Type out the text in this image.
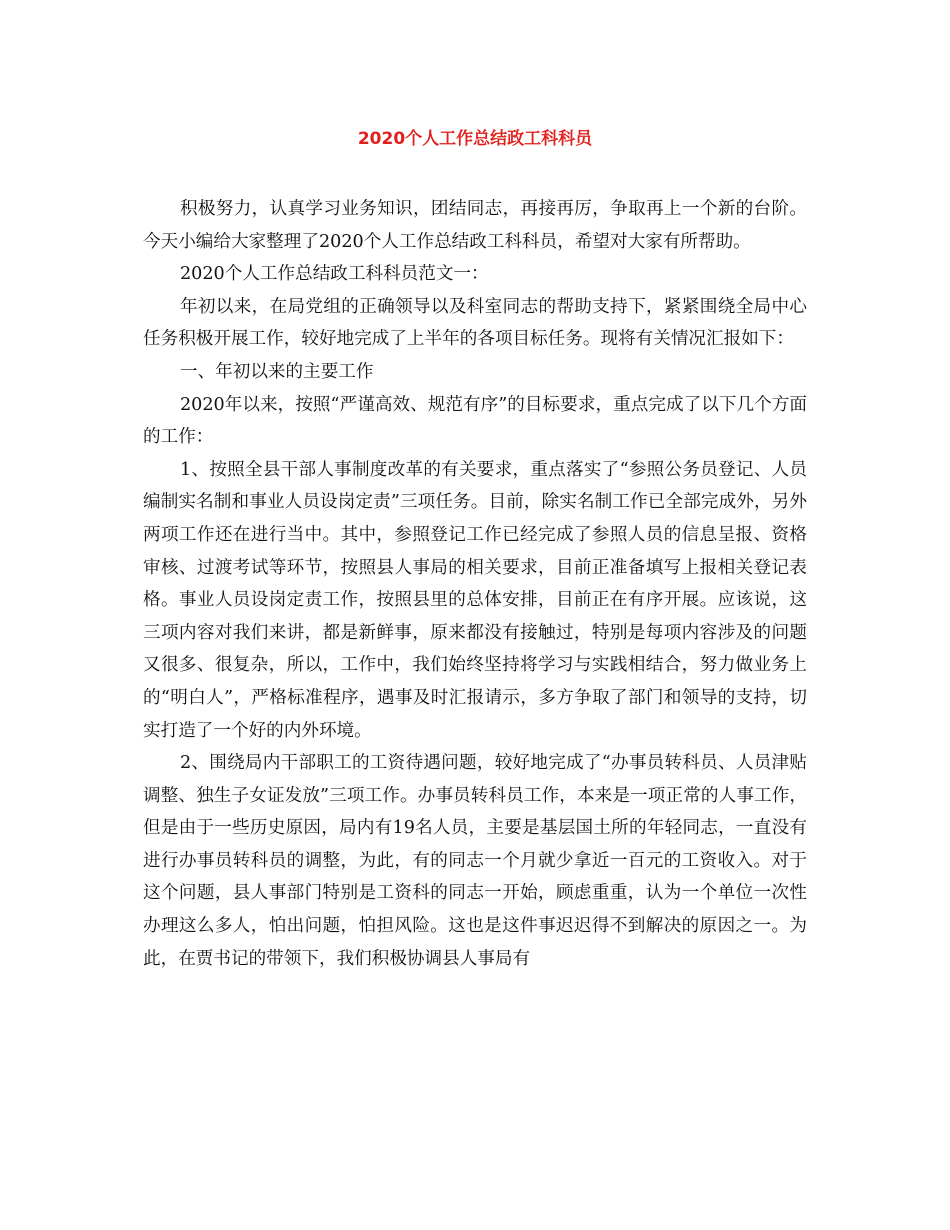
2020个人工作总结政工科科员

积极努力，认真学习业务知识，团结同志，再接再厉，争取再上一个新的台阶。今天小编给大家整理了2020个人工作总结政工科科员，希望对大家有所帮助。

2020个人工作总结政工科科员范文一：

年初以来，在局党组的正确领导以及科室同志的帮助支持下，紧紧围绕全局中心任务积极开展工作，较好地完成了上半年的各项目标任务。现将有关情况汇报如下：

一、年初以来的主要工作

2020年以来，按照“严谨高效、规范有序”的目标要求，重点完成了以下几个方面的工作：

1、按照全县干部人事制度改革的有关要求，重点落实了“参照公务员登记、人员编制实名制和事业人员设岗定责”三项任务。目前，除实名制工作已全部完成外，另外两项工作还在进行当中。其中，参照登记工作已经完成了参照人员的信息呈报、资格审核、过渡考试等环节，按照县人事局的相关要求，目前正准备填写上报相关登记表格。事业人员设岗定责工作，按照县里的总体安排，目前正在有序开展。应该说，这三项内容对我们来讲，都是新鲜事，原来都没有接触过，特别是每项内容涉及的问题又很多、很复杂，所以，工作中，我们始终坚持将学习与实践相结合，努力做业务上的“明白人”，严格标准程序，遇事及时汇报请示，多方争取了部门和领导的支持，切实打造了一个好的内外环境。

2、围绕局内干部职工的工资待遇问题，较好地完成了“办事员转科员、人员津贴调整、独生子女证发放”三项工作。办事员转科员工作，本来是一项正常的人事工作，但是由于一些历史原因，局内有19名人员，主要是基层国土所的年轻同志，一直没有进行办事员转科员的调整，为此，有的同志一个月就少拿近一百元的工资收入。对于这个问题，县人事部门特别是工资科的同志一开始，顾虑重重，认为一个单位一次性办理这么多人，怕出问题，怕担风险。这也是这件事迟迟得不到解决的原因之一。为此，在贾书记的带领下，我们积极协调县人事局有
